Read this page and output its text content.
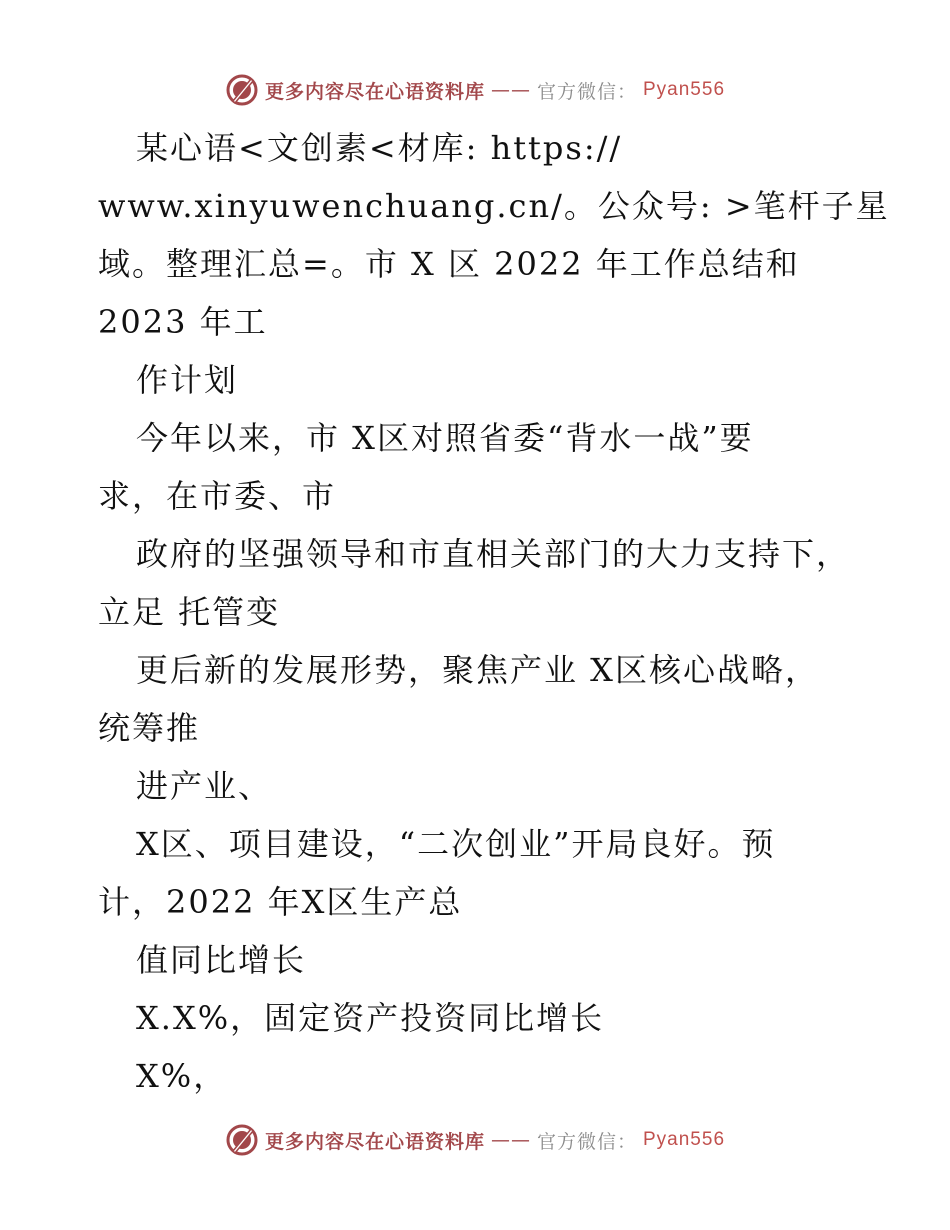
更多内容尽在心语资料库 —— 官方微信： Pyan556
某心语<文创素<材库: https://
www.xinyuwenchuang.cn/。公众号: >笔杆子星
域。整理汇总=。市 X 区 2022 年工作总结和
2023 年工
作计划
今年以来，市 X区对照省委“背水一战”要
求，在市委、市
政府的坚强领导和市直相关部门的大力支持下，
立足 托管变
更后新的发展形势，聚焦产业 X区核心战略，
统筹推
进产业、
X区、项目建设，“二次创业”开局良好。预
计，2022 年X区生产总
值同比增长
X.X%，固定资产投资同比增长
X%，
更多内容尽在心语资料库 —— 官方微信： Pyan556
